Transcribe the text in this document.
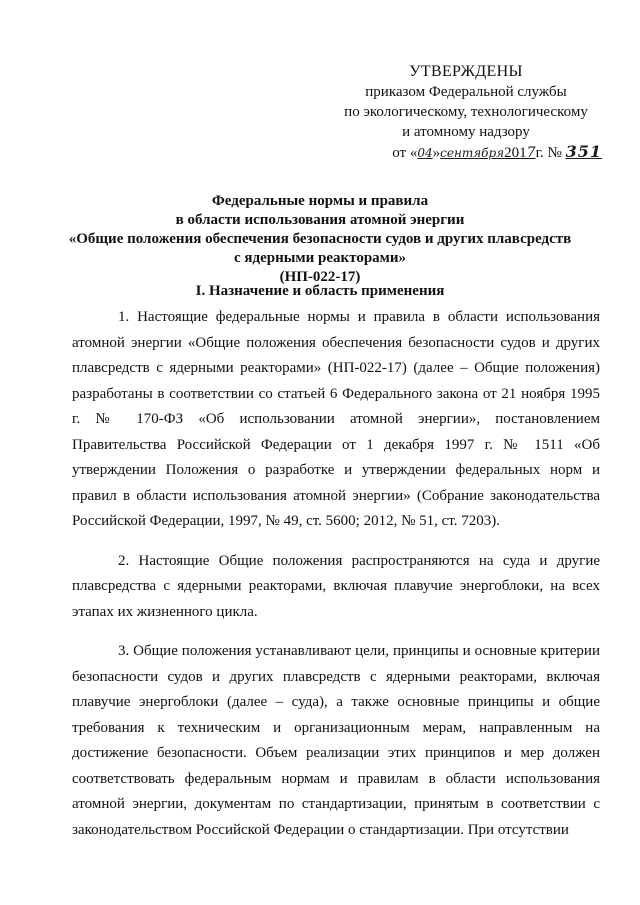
УТВЕРЖДЕНЫ
приказом Федеральной службы
по экологическому, технологическому
и атомному надзору
от «04»сентября2017г. № 351
Федеральные нормы и правила
в области использования атомной энергии
«Общие положения обеспечения безопасности судов и других плавсредств
с ядерными реакторами»
(НП-022-17)
I. Назначение и область применения

1. Настоящие федеральные нормы и правила в области использования атомной энергии «Общие положения обеспечения безопасности судов и других плавсредств с ядерными реакторами» (НП-022-17) (далее – Общие положения) разработаны в соответствии со статьей 6 Федерального закона от 21 ноября 1995 г. № 170-ФЗ «Об использовании атомной энергии», постановлением Правительства Российской Федерации от 1 декабря 1997 г. № 1511 «Об утверждении Положения о разработке и утверждении федеральных норм и правил в области использования атомной энергии» (Собрание законодательства Российской Федерации, 1997, № 49, ст. 5600; 2012, № 51, ст. 7203).

2. Настоящие Общие положения распространяются на суда и другие плавсредства с ядерными реакторами, включая плавучие энергоблоки, на всех этапах их жизненного цикла.

3. Общие положения устанавливают цели, принципы и основные критерии безопасности судов и других плавсредств с ядерными реакторами, включая плавучие энергоблоки (далее – суда), а также основные принципы и общие требования к техническим и организационным мерам, направленным на достижение безопасности. Объем реализации этих принципов и мер должен соответствовать федеральным нормам и правилам в области использования атомной энергии, документам по стандартизации, принятым в соответствии с законодательством Российской Федерации о стандартизации. При отсутствии
